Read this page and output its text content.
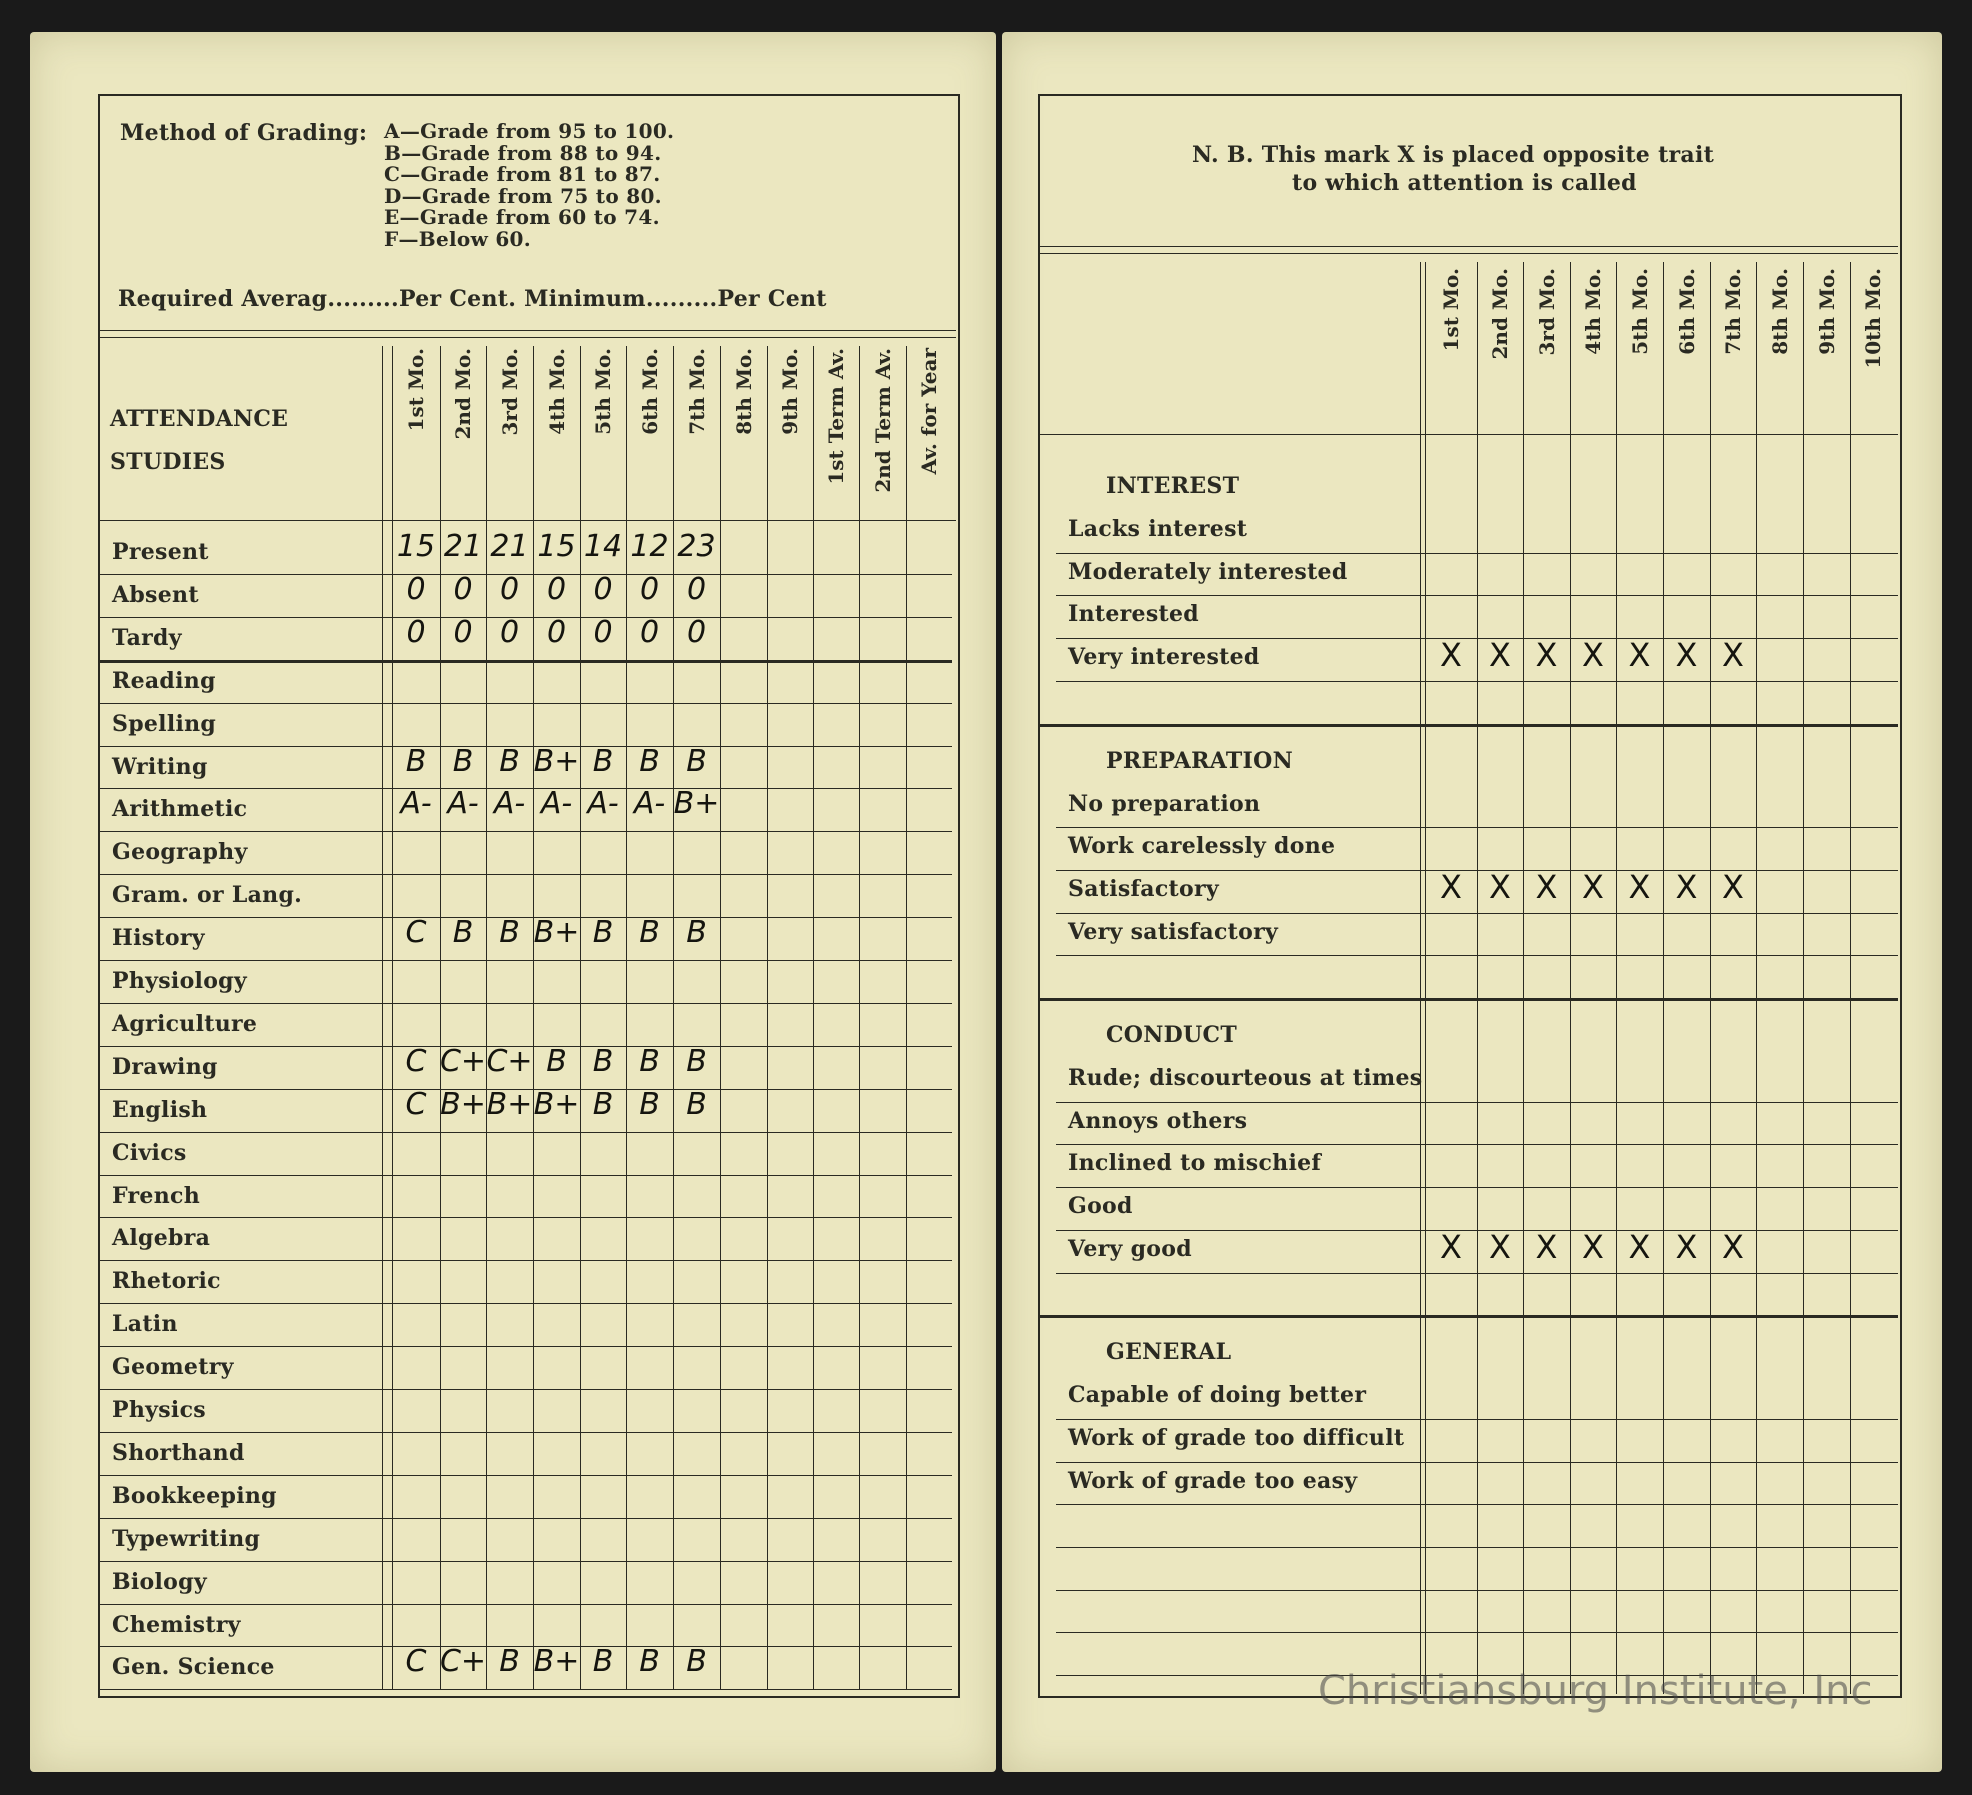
Method of Grading: A—Grade from 95 to 100.
B—Grade from 88 to 94.
C—Grade from 81 to 87.
D—Grade from 75 to 80.
E—Grade from 60 to 74.
F—Below 60.
Required Averag.........Per Cent. Minimum.........Per Cent
ATTENDANCE
STUDIES
1st Mo. 2nd Mo. 3rd Mo. 4th Mo. 5th Mo. 6th Mo. 7th Mo. 8th Mo. 9th Mo. 1st Term Av. 2nd Term Av. Av. for Year
Present	15 21 21 15 14 12 23
Absent	0 0 0 0 0 0 0
Tardy	0 0 0 0 0 0 0
Reading
Spelling
Writing	B B B B+ B B B
Arithmetic	A- A- A- A- A- A- B+
Geography
Gram. or Lang.
History	C B B B+ B B B
Physiology
Agriculture
Drawing	C C+ C+ B B B B
English	C B+ B+ B+ B B B
Civics
French
Algebra
Rhetoric
Latin
Geometry
Physics
Shorthand
Bookkeeping
Typewriting
Biology
Chemistry
Gen. Science	C C+ B B+ B B B
N. B. This mark X is placed opposite trait
to which attention is called
1st Mo. 2nd Mo. 3rd Mo. 4th Mo. 5th Mo. 6th Mo. 7th Mo. 8th Mo. 9th Mo. 10th Mo.
INTEREST
Lacks interest
Moderately interested
Interested
Very interested	X X X X X X X
PREPARATION
No preparation
Work carelessly done
Satisfactory	X X X X X X X
Very satisfactory
CONDUCT
Rude; discourteous at times
Annoys others
Inclined to mischief
Good
Very good	X X X X X X X
GENERAL
Capable of doing better
Work of grade too difficult
Work of grade too easy
Christiansburg Institute, Inc
